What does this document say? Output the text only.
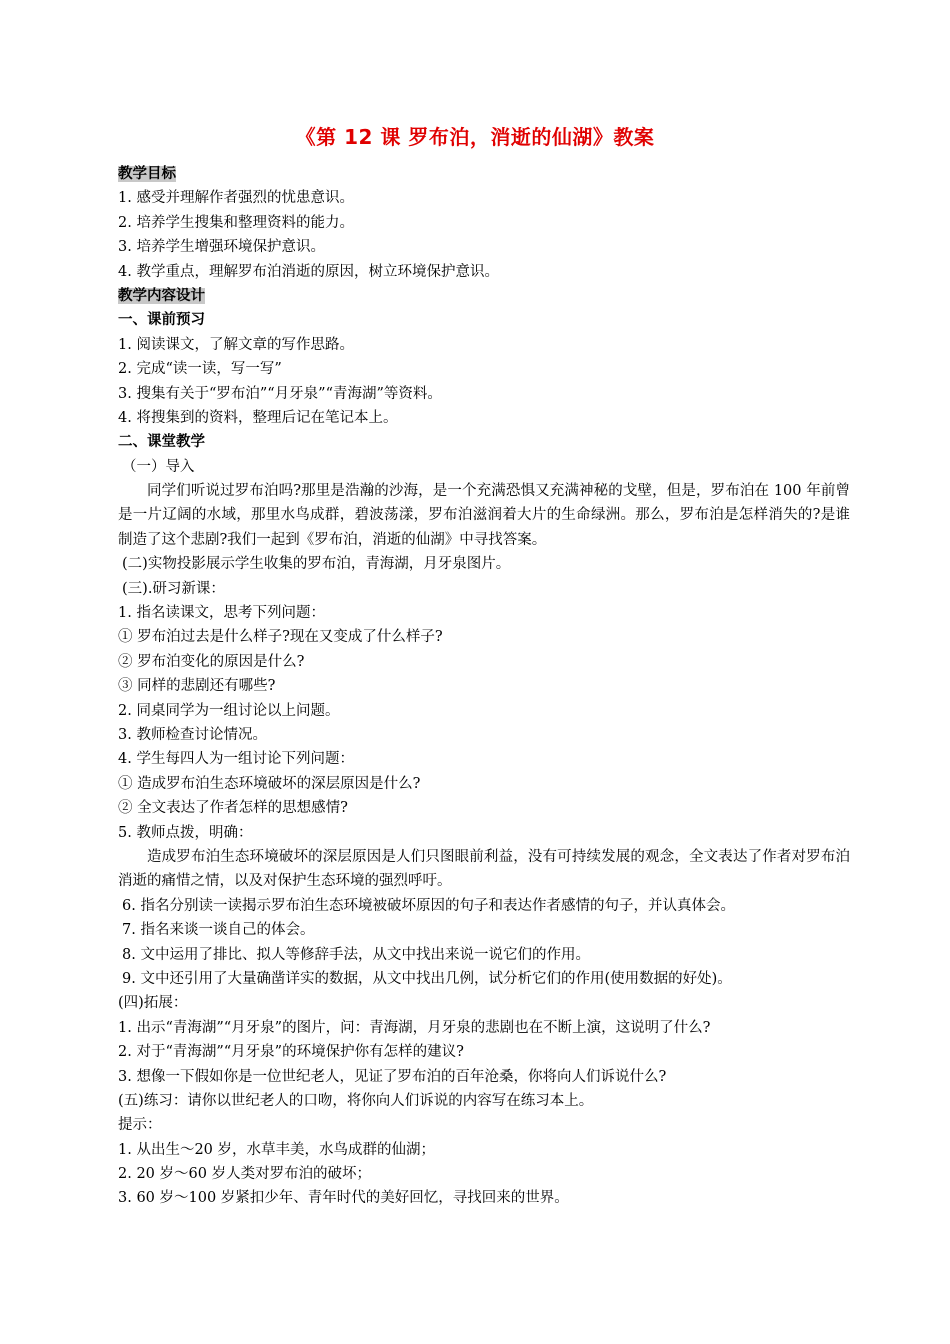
《第 12 课 罗布泊，消逝的仙湖》教案
教学目标
1. 感受并理解作者强烈的忧患意识。
2. 培养学生搜集和整理资料的能力。
3. 培养学生增强环境保护意识。
4. 教学重点，理解罗布泊消逝的原因，树立环境保护意识。
教学内容设计
一、课前预习
1. 阅读课文，了解文章的写作思路。
2. 完成“读一读，写一写”
3. 搜集有关于“罗布泊”“月牙泉”“青海湖”等资料。
4. 将搜集到的资料，整理后记在笔记本上。
二、课堂教学
（一）导入
同学们听说过罗布泊吗?那里是浩瀚的沙海，是一个充满恐惧又充满神秘的戈壁，但是，罗布泊在 100 年前曾是一片辽阔的水域，那里水鸟成群，碧波荡漾，罗布泊滋润着大片的生命绿洲。那么，罗布泊是怎样消失的?是谁制造了这个悲剧?我们一起到《罗布泊，消逝的仙湖》中寻找答案。
(二)实物投影展示学生收集的罗布泊，青海湖，月牙泉图片。
(三).研习新课：
1. 指名读课文，思考下列问题：
① 罗布泊过去是什么样子?现在又变成了什么样子?
② 罗布泊变化的原因是什么?
③ 同样的悲剧还有哪些?
2. 同桌同学为一组讨论以上问题。
3. 教师检查讨论情况。
4. 学生每四人为一组讨论下列问题：
① 造成罗布泊生态环境破坏的深层原因是什么?
② 全文表达了作者怎样的思想感情?
5. 教师点拨，明确：
造成罗布泊生态环境破坏的深层原因是人们只图眼前利益，没有可持续发展的观念，全文表达了作者对罗布泊消逝的痛惜之情，以及对保护生态环境的强烈呼吁。
6. 指名分别读一读揭示罗布泊生态环境被破坏原因的句子和表达作者感情的句子，并认真体会。
7. 指名来谈一谈自己的体会。
8. 文中运用了排比、拟人等修辞手法，从文中找出来说一说它们的作用。
9. 文中还引用了大量确凿详实的数据，从文中找出几例，试分析它们的作用(使用数据的好处)。
(四)拓展：
1. 出示“青海湖”“月牙泉”的图片，问：青海湖，月牙泉的悲剧也在不断上演，这说明了什么?
2. 对于“青海湖”“月牙泉”的环境保护你有怎样的建议?
3. 想像一下假如你是一位世纪老人，见证了罗布泊的百年沧桑，你将向人们诉说什么?
(五)练习：请你以世纪老人的口吻，将你向人们诉说的内容写在练习本上。
提示：
1. 从出生～20 岁，水草丰美，水鸟成群的仙湖；
2. 20 岁～60 岁人类对罗布泊的破坏；
3. 60 岁～100 岁紧扣少年、青年时代的美好回忆，寻找回来的世界。
